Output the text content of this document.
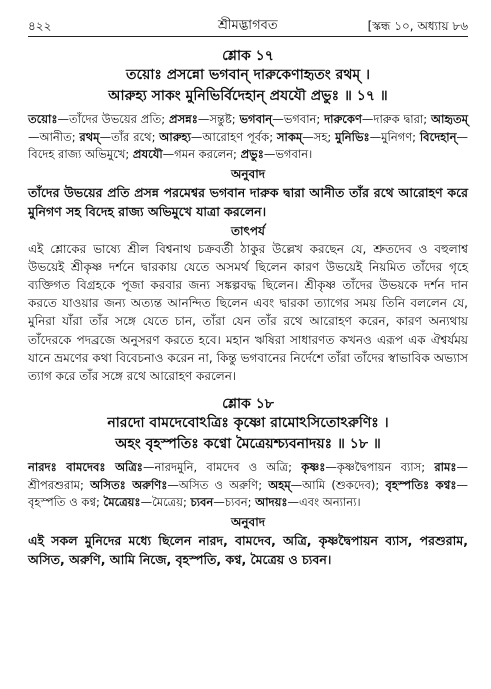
৪২২	শ্রীমদ্ভাগবত	[স্কন্ধ ১০, অধ্যায় ৮৬
শ্লোক ১৭
তয়োঃ প্রসন্নো ভগবান্ দারুকেণাহৃতং রথম্ ।
আরুহ্য সাকং মুনিভির্বিদেহান্ প্রযযৌ প্রভুঃ ॥ ১৭ ॥
তয়োঃ—তাঁদের উভয়ের প্রতি; প্রসন্নঃ—সন্তুষ্ট; ভগবান্—ভগবান; দারুকেণ—দারুক দ্বারা; আহৃতম্—আনীত; রথম্—তাঁর রথে; আরুহ্য—আরোহণ পূর্বক; সাকম্—সহ; মুনিভিঃ—মুনিগণ; বিদেহান্—বিদেহ রাজ্য অভিমুখে; প্রযযৌ—গমন করলেন; প্রভুঃ—ভগবান।
অনুবাদ
তাঁদের উভয়ের প্রতি প্রসন্ন পরমেশ্বর ভগবান দারুক দ্বারা আনীত তাঁর রথে আরোহণ করে মুনিগণ সহ বিদেহ রাজ্য অভিমুখে যাত্রা করলেন।
তাৎপর্য

এই শ্লোকের ভাষ্যে শ্রীল বিশ্বনাথ চক্রবর্তী ঠাকুর উল্লেখ করছেন যে, শ্রুতদেব ও বহুলাশ্ব উভয়েই শ্রীকৃষ্ণ দর্শনে দ্বারকায় যেতে অসমর্থ ছিলেন কারণ উভয়েই নিয়মিত তাঁদের গৃহে ব্যক্তিগত বিগ্রহকে পূজা করবার জন্য সঙ্কল্পবদ্ধ ছিলেন। শ্রীকৃষ্ণ তাঁদের উভয়কে দর্শন দান করতে যাওয়ার জন্য অত্যন্ত আনন্দিত ছিলেন এবং দ্বারকা ত্যাগের সময় তিনি বললেন যে, মুনিরা যাঁরা তাঁর সঙ্গে যেতে চান, তাঁরা যেন তাঁর রথে আরোহণ করেন, কারণ অন্যথায় তাঁদেরকে পদব্রজে অনুসরণ করতে হবে। মহান ঋষিরা সাধারণত কখনও এরূপ এক ঐশ্বর্যময় যানে ভ্রমণের কথা বিবেচনাও করেন না, কিন্তু ভগবানের নির্দেশে তাঁরা তাঁদের স্বাভাবিক অভ্যাস ত্যাগ করে তাঁর সঙ্গে রথে আরোহণ করলেন।

শ্লোক ১৮
নারদো বামদেবোঽত্রিঃ কৃষ্ণো রামোঽসিতোঽরুণিঃ ।
অহং বৃহস্পতিঃ কণ্বো মৈত্রেয়শ্চ্যবনাদয়ঃ ॥ ১৮ ॥
নারদঃ বামদেবঃ অত্রিঃ—নারদমুনি, বামদেব ও অত্রি; কৃষ্ণঃ—কৃষ্ণদ্বৈপায়ন ব্যাস; রামঃ—শ্রীপরশুরাম; অসিতঃ অরুণিঃ—অসিত ও অরুণি; অহম্—আমি (শুকদেব); বৃহস্পতিঃ কণ্বঃ—বৃহস্পতি ও কণ্ব; মৈত্রেয়ঃ—মৈত্রেয়; চ্যবন—চ্যবন; আদয়ঃ—এবং অন্যান্য।
অনুবাদ
এই সকল মুনিদের মধ্যে ছিলেন নারদ, বামদেব, অত্রি, কৃষ্ণদ্বৈপায়ন ব্যাস, পরশুরাম, অসিত, অরুণি, আমি নিজে, বৃহস্পতি, কণ্ব, মৈত্রেয় ও চ্যবন।
